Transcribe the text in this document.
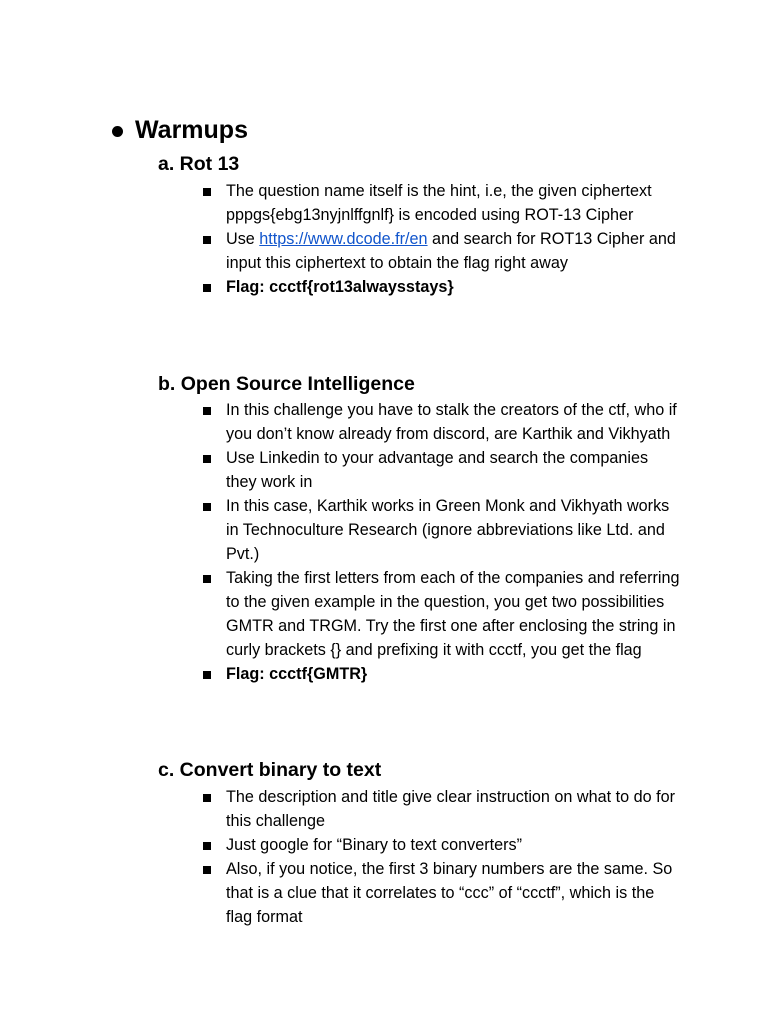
Warmups
a. Rot 13
The question name itself is the hint, i.e, the given ciphertext pppgs{ebg13nyjnlffgnlf} is encoded using ROT-13 Cipher
Use https://www.dcode.fr/en and search for ROT13 Cipher and input this ciphertext to obtain the flag right away
Flag: ccctf{rot13alwaysstays}
b. Open Source Intelligence
In this challenge you have to stalk the creators of the ctf, who if you don’t know already from discord, are Karthik and Vikhyath
Use Linkedin to your advantage and search the companies they work in
In this case, Karthik works in Green Monk and Vikhyath works in Technoculture Research (ignore abbreviations like Ltd. and Pvt.)
Taking the first letters from each of the companies and referring to the given example in the question, you get two possibilities GMTR and TRGM. Try the first one after enclosing the string in curly brackets {} and prefixing it with ccctf, you get the flag
Flag: ccctf{GMTR}
c. Convert binary to text
The description and title give clear instruction on what to do for this challenge
Just google for “Binary to text converters”
Also, if you notice, the first 3 binary numbers are the same. So that is a clue that it correlates to “ccc” of “ccctf”, which is the flag format
